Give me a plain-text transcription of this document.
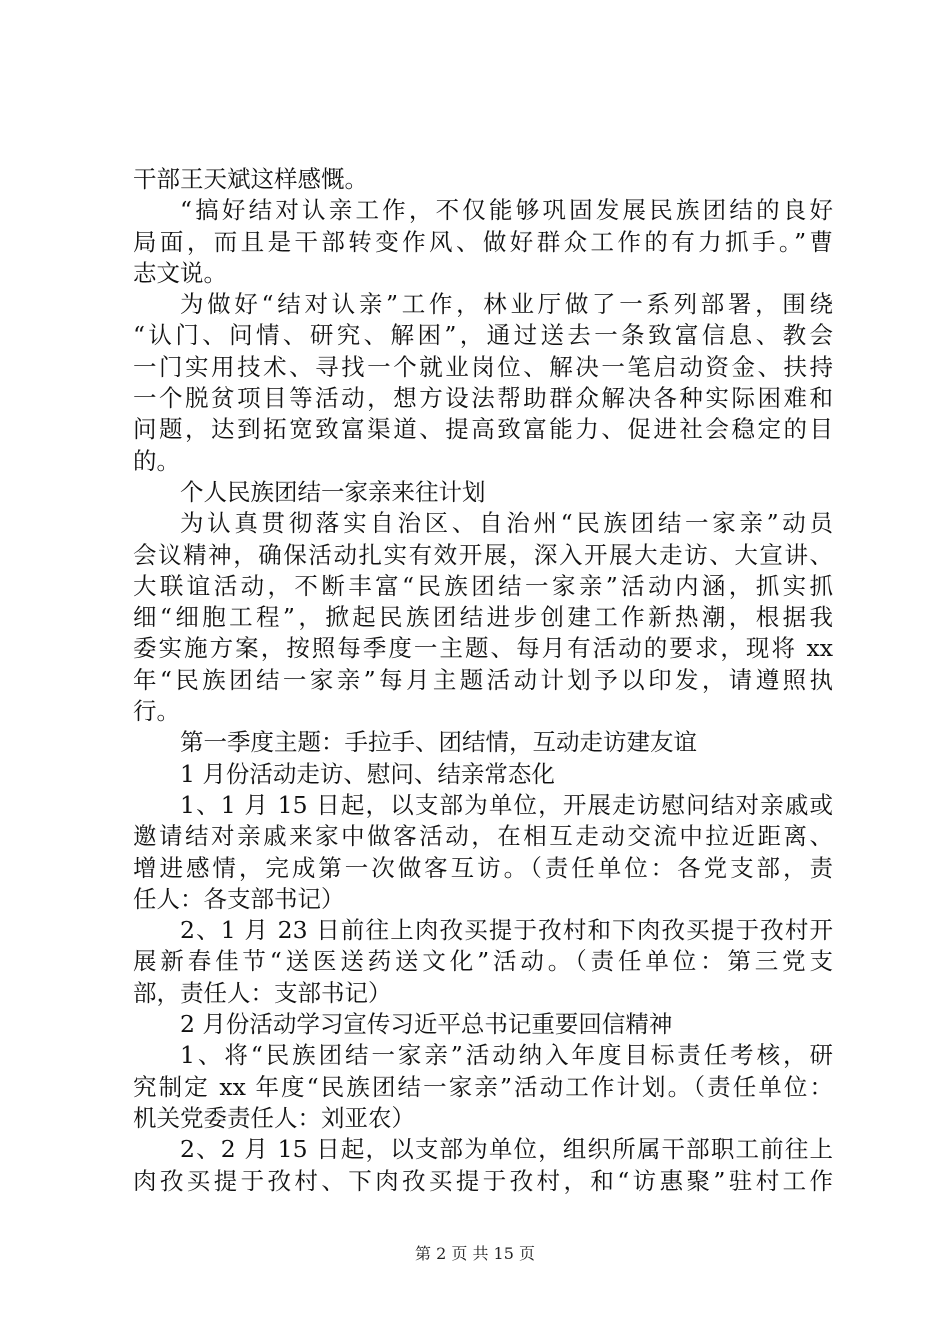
干部王天斌这样感慨。
“搞好结对认亲工作，不仅能够巩固发展民族团结的良好
局面，而且是干部转变作风、做好群众工作的有力抓手。”曹
志文说。
为做好“结对认亲”工作，林业厅做了一系列部署，围绕
“认门、问情、研究、解困”，通过送去一条致富信息、教会
一门实用技术、寻找一个就业岗位、解决一笔启动资金、扶持
一个脱贫项目等活动，想方设法帮助群众解决各种实际困难和
问题，达到拓宽致富渠道、提高致富能力、促进社会稳定的目
的。
个人民族团结一家亲来往计划
为认真贯彻落实自治区、自治州“民族团结一家亲”动员
会议精神，确保活动扎实有效开展，深入开展大走访、大宣讲、
大联谊活动，不断丰富“民族团结一家亲”活动内涵，抓实抓
细“细胞工程”，掀起民族团结进步创建工作新热潮，根据我
委实施方案，按照每季度一主题、每月有活动的要求，现将 xx
年“民族团结一家亲”每月主题活动计划予以印发，请遵照执
行。
第一季度主题：手拉手、团结情，互动走访建友谊
1 月份活动走访、慰问、结亲常态化
1、1 月 15 日起，以支部为单位，开展走访慰问结对亲戚或
邀请结对亲戚来家中做客活动，在相互走动交流中拉近距离、
增进感情，完成第一次做客互访。（责任单位：各党支部，责
任人：各支部书记）
2、1 月 23 日前往上肉孜买提于孜村和下肉孜买提于孜村开
展新春佳节“送医送药送文化”活动。（责任单位：第三党支
部，责任人：支部书记）
2 月份活动学习宣传习近平总书记重要回信精神
1、将“民族团结一家亲”活动纳入年度目标责任考核，研
究制定 xx 年度“民族团结一家亲”活动工作计划。（责任单位：
机关党委责任人：刘亚农）
2、2 月 15 日起，以支部为单位，组织所属干部职工前往上
肉孜买提于孜村、下肉孜买提于孜村，和“访惠聚”驻村工作
第 2 页 共 15 页
